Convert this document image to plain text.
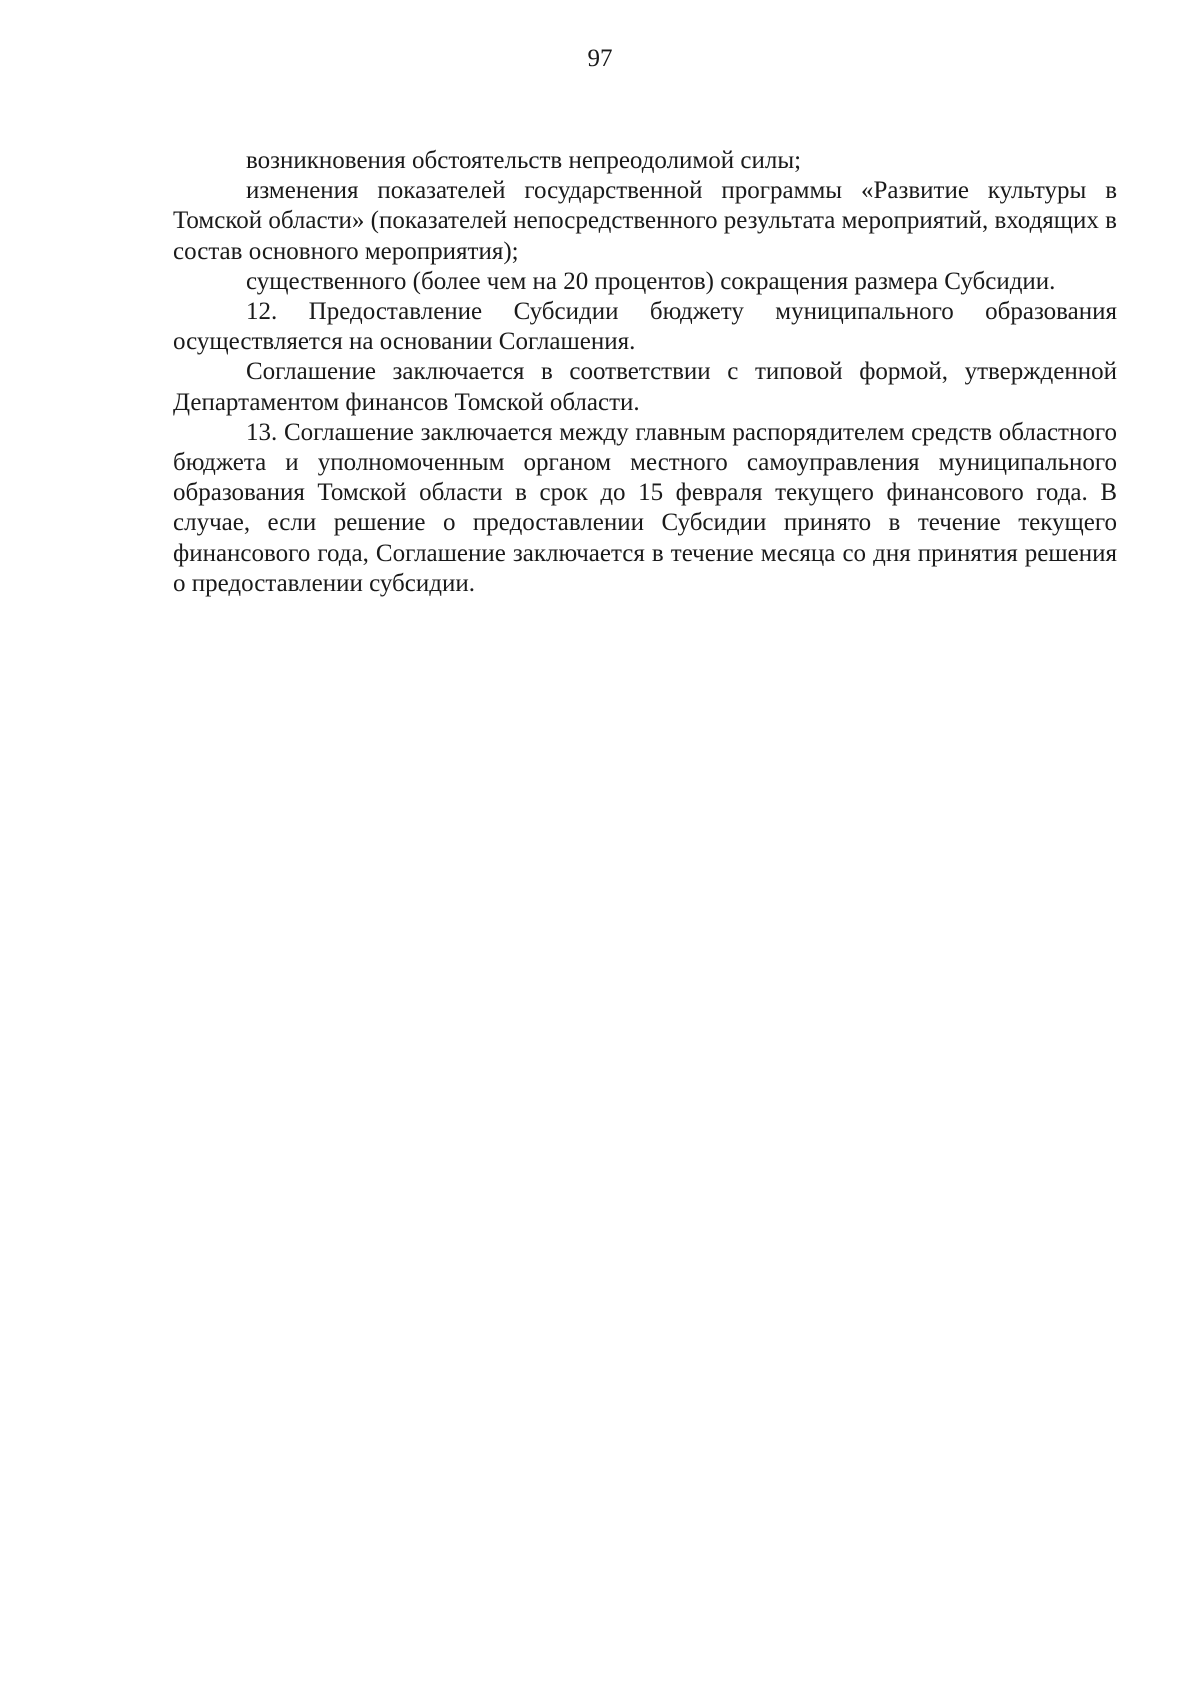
97

возникновения обстоятельств непреодолимой силы;

изменения показателей государственной программы «Развитие культуры в Томской области» (показателей непосредственного результата мероприятий, входящих в состав основного мероприятия);

существенного (более чем на 20 процентов) сокращения размера Субсидии.

12. Предоставление Субсидии бюджету муниципального образования осуществляется на основании Соглашения.

Соглашение заключается в соответствии с типовой формой, утвержденной Департаментом финансов Томской области.

13. Соглашение заключается между главным распорядителем средств областного бюджета и уполномоченным органом местного самоуправления муниципального образования Томской области в срок до 15 февраля текущего финансового года. В случае, если решение о предоставлении Субсидии принято в течение текущего финансового года, Соглашение заключается в течение месяца со дня принятия решения о предоставлении субсидии.
